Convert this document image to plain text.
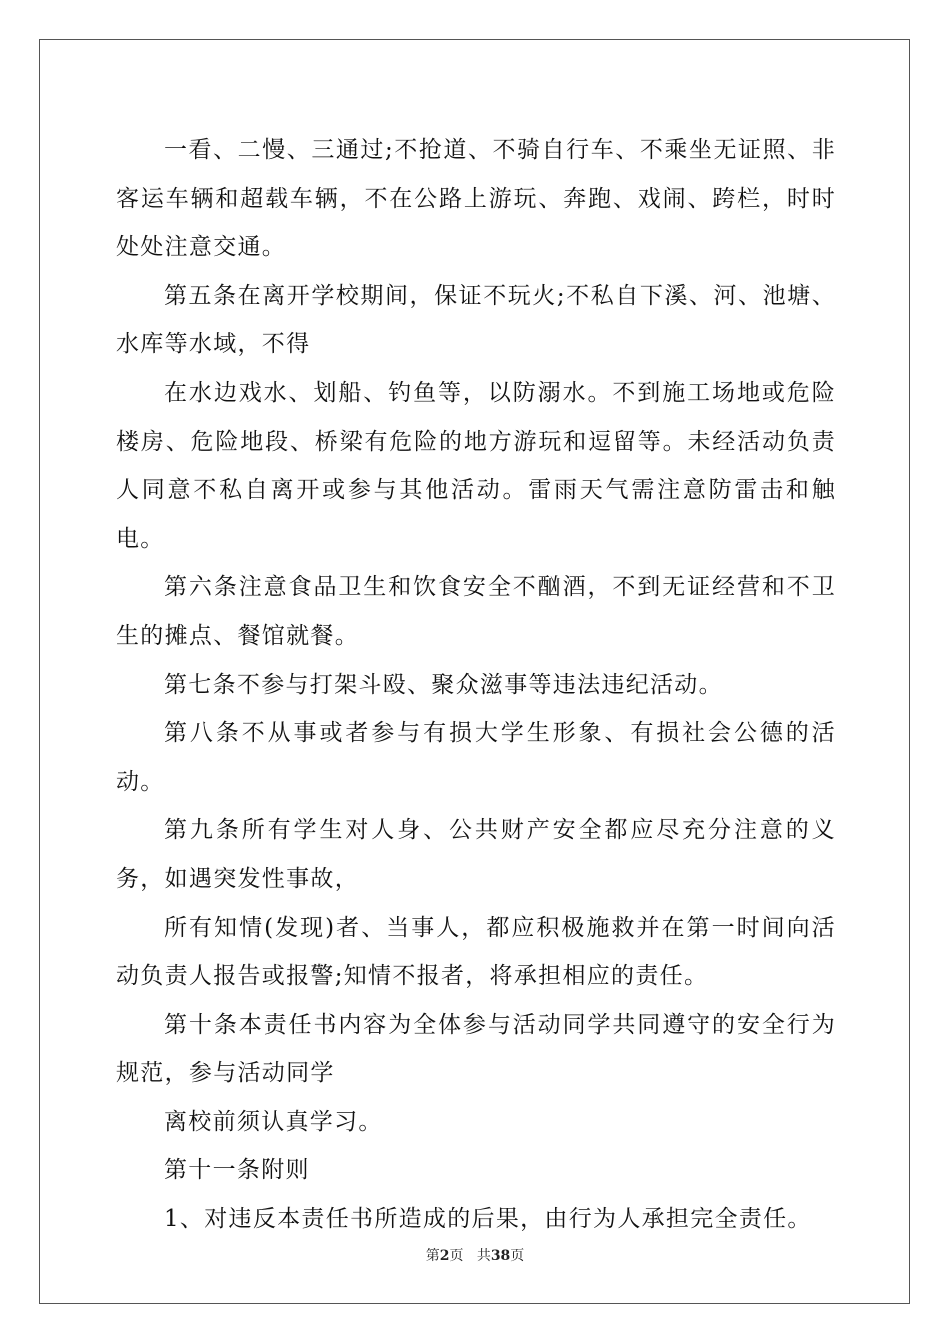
一看、二慢、三通过;不抢道、不骑自行车、不乘坐无证照、非客运车辆和超载车辆，不在公路上游玩、奔跑、戏闹、跨栏，时时处处注意交通。

第五条在离开学校期间，保证不玩火;不私自下溪、河、池塘、水库等水域，不得

在水边戏水、划船、钓鱼等，以防溺水。不到施工场地或危险楼房、危险地段、桥梁有危险的地方游玩和逗留等。未经活动负责人同意不私自离开或参与其他活动。雷雨天气需注意防雷击和触电。

第六条注意食品卫生和饮食安全不酗酒，不到无证经营和不卫生的摊点、餐馆就餐。

第七条不参与打架斗殴、聚众滋事等违法违纪活动。

第八条不从事或者参与有损大学生形象、有损社会公德的活动。

第九条所有学生对人身、公共财产安全都应尽充分注意的义务，如遇突发性事故，

所有知情(发现)者、当事人，都应积极施救并在第一时间向活动负责人报告或报警;知情不报者，将承担相应的责任。

第十条本责任书内容为全体参与活动同学共同遵守的安全行为规范，参与活动同学

离校前须认真学习。

第十一条附则

1、对违反本责任书所造成的后果，由行为人承担完全责任。

第2页 共38页
